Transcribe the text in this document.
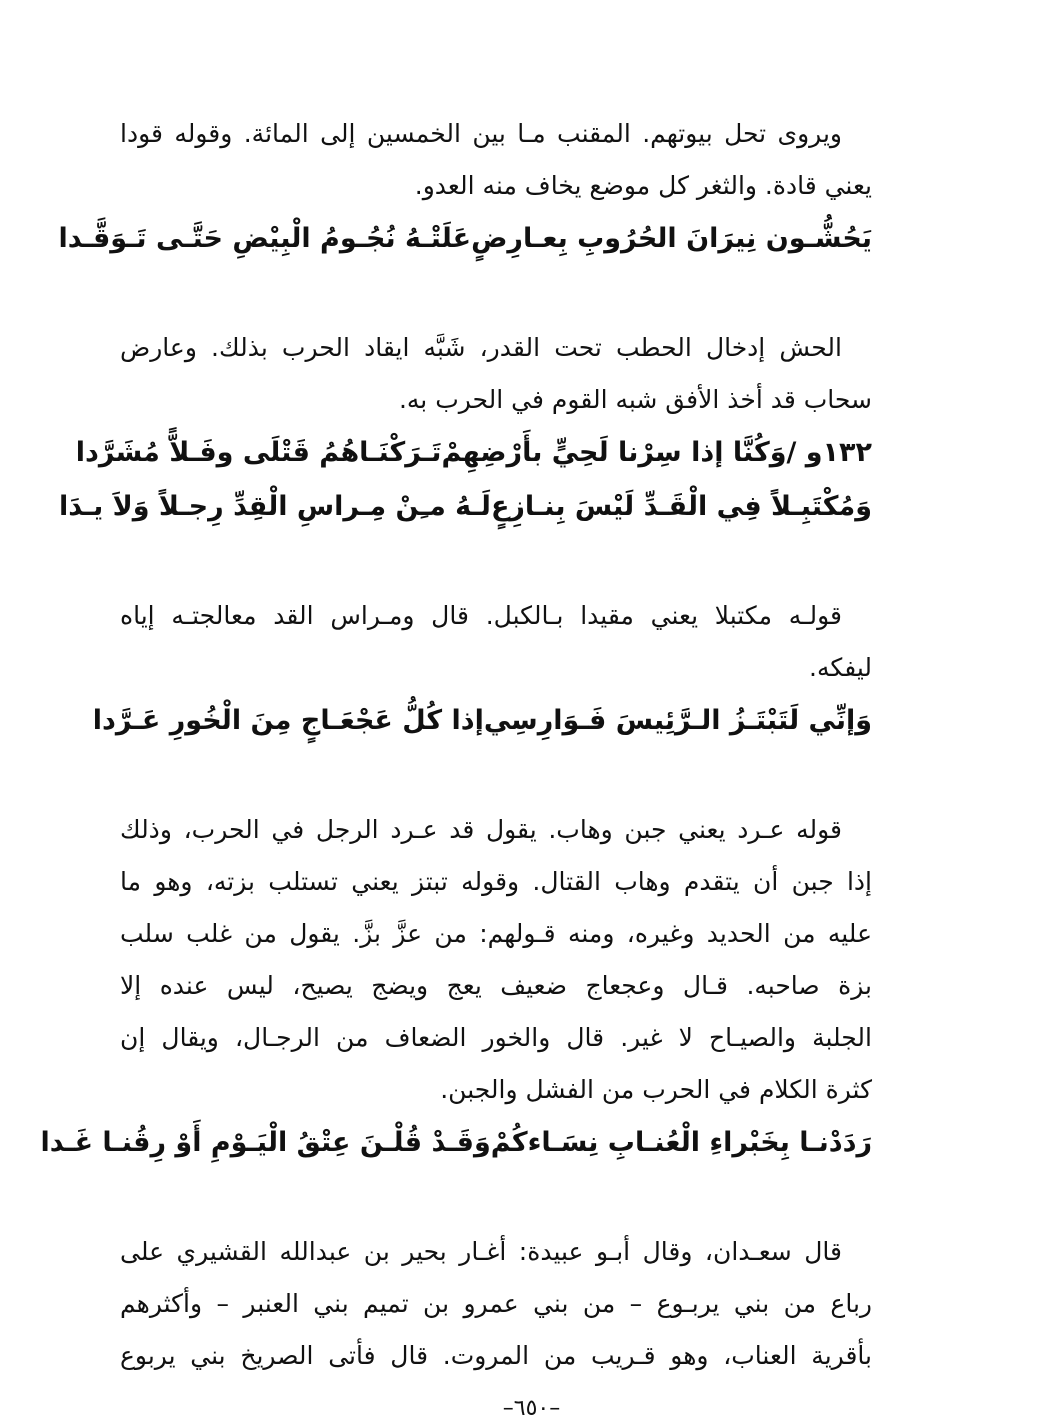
ويروى تحل بيوتهم. المقنب مـا بين الخمسين إلى المائة. وقوله قودا
يعني قادة. والثغر كل موضع يخاف منه العدو.
يَحُشُّـون نِيرَانَ الحُرُوبِ بِعـارِضٍ
عَلَتْـهُ نُجُـومُ الْبِيْضِ حَتَّـى تَـوَقَّـدا
الحش إدخال الحطب تحت القدر، شَبَّه ايقاد الحرب بذلك. وعارض
سحاب قد أخذ الأفق شبه القوم في الحرب به.
١٣٢و /وَكُنَّا إذا سِرْنا لَحِيٍّ بأَرْضِهِمْ
تَـرَكْنَـاهُمُ قَتْلَى وفَـلاًّ مُشَرَّدا
وَمُكْتَبِـلاً فِي الْقَـدِّ لَيْسَ بِنـازِعٍ
لَـهُ مـِنْ مِـراسِ الْقِدِّ رِجـلاً وَلاَ يـدَا
قولـه مكتبلا يعني مقيدا بـالكبل. قال ومـراس القد معالجتـه إياه
ليفكه.
وَإنِّي لَتَبْتَـزُ الـرَّئِيسَ فَـوَارِسِي
إذا كُلُّ عَجْعَـاجٍ مِنَ الْخُورِ عَـرَّدا
قوله عـرد يعني جبن وهاب. يقول قد عـرد الرجل في الحرب، وذلك
إذا جبن أن يتقدم وهاب القتال. وقوله تبتز يعني تستلب بزته، وهو ما
عليه من الحديد وغيره، ومنه قـولهم: من عزَّ بزَّ. يقول من غلب سلب
بزة صاحبه. قـال وعجعاج ضعيف يعج ويضج يصيح، ليس عنده إلا
الجلبة والصيـاح لا غير. قال والخور الضعاف من الرجـال، ويقال إن
كثرة الكلام في الحرب من الفشل والجبن.
رَدَدْنـا بِخَبْراءِ الْعُنـابِ نِسَـاءكُمْ
وَقَـدْ قُلْـنَ عِتْقُ الْيَـوْمِ أَوْ رِقُنـا غَـدا
قال سعـدان، وقال أبـو عبيدة: أغـار بحير بن عبدالله القشيري على
رباع من بني يربـوع – من بني عمرو بن تميم بني العنبر – وأكثرهم
بأقرية العناب، وهو قـريب من المروت. قال فأتى الصريخ بني يربوع
–٦٥٠–
